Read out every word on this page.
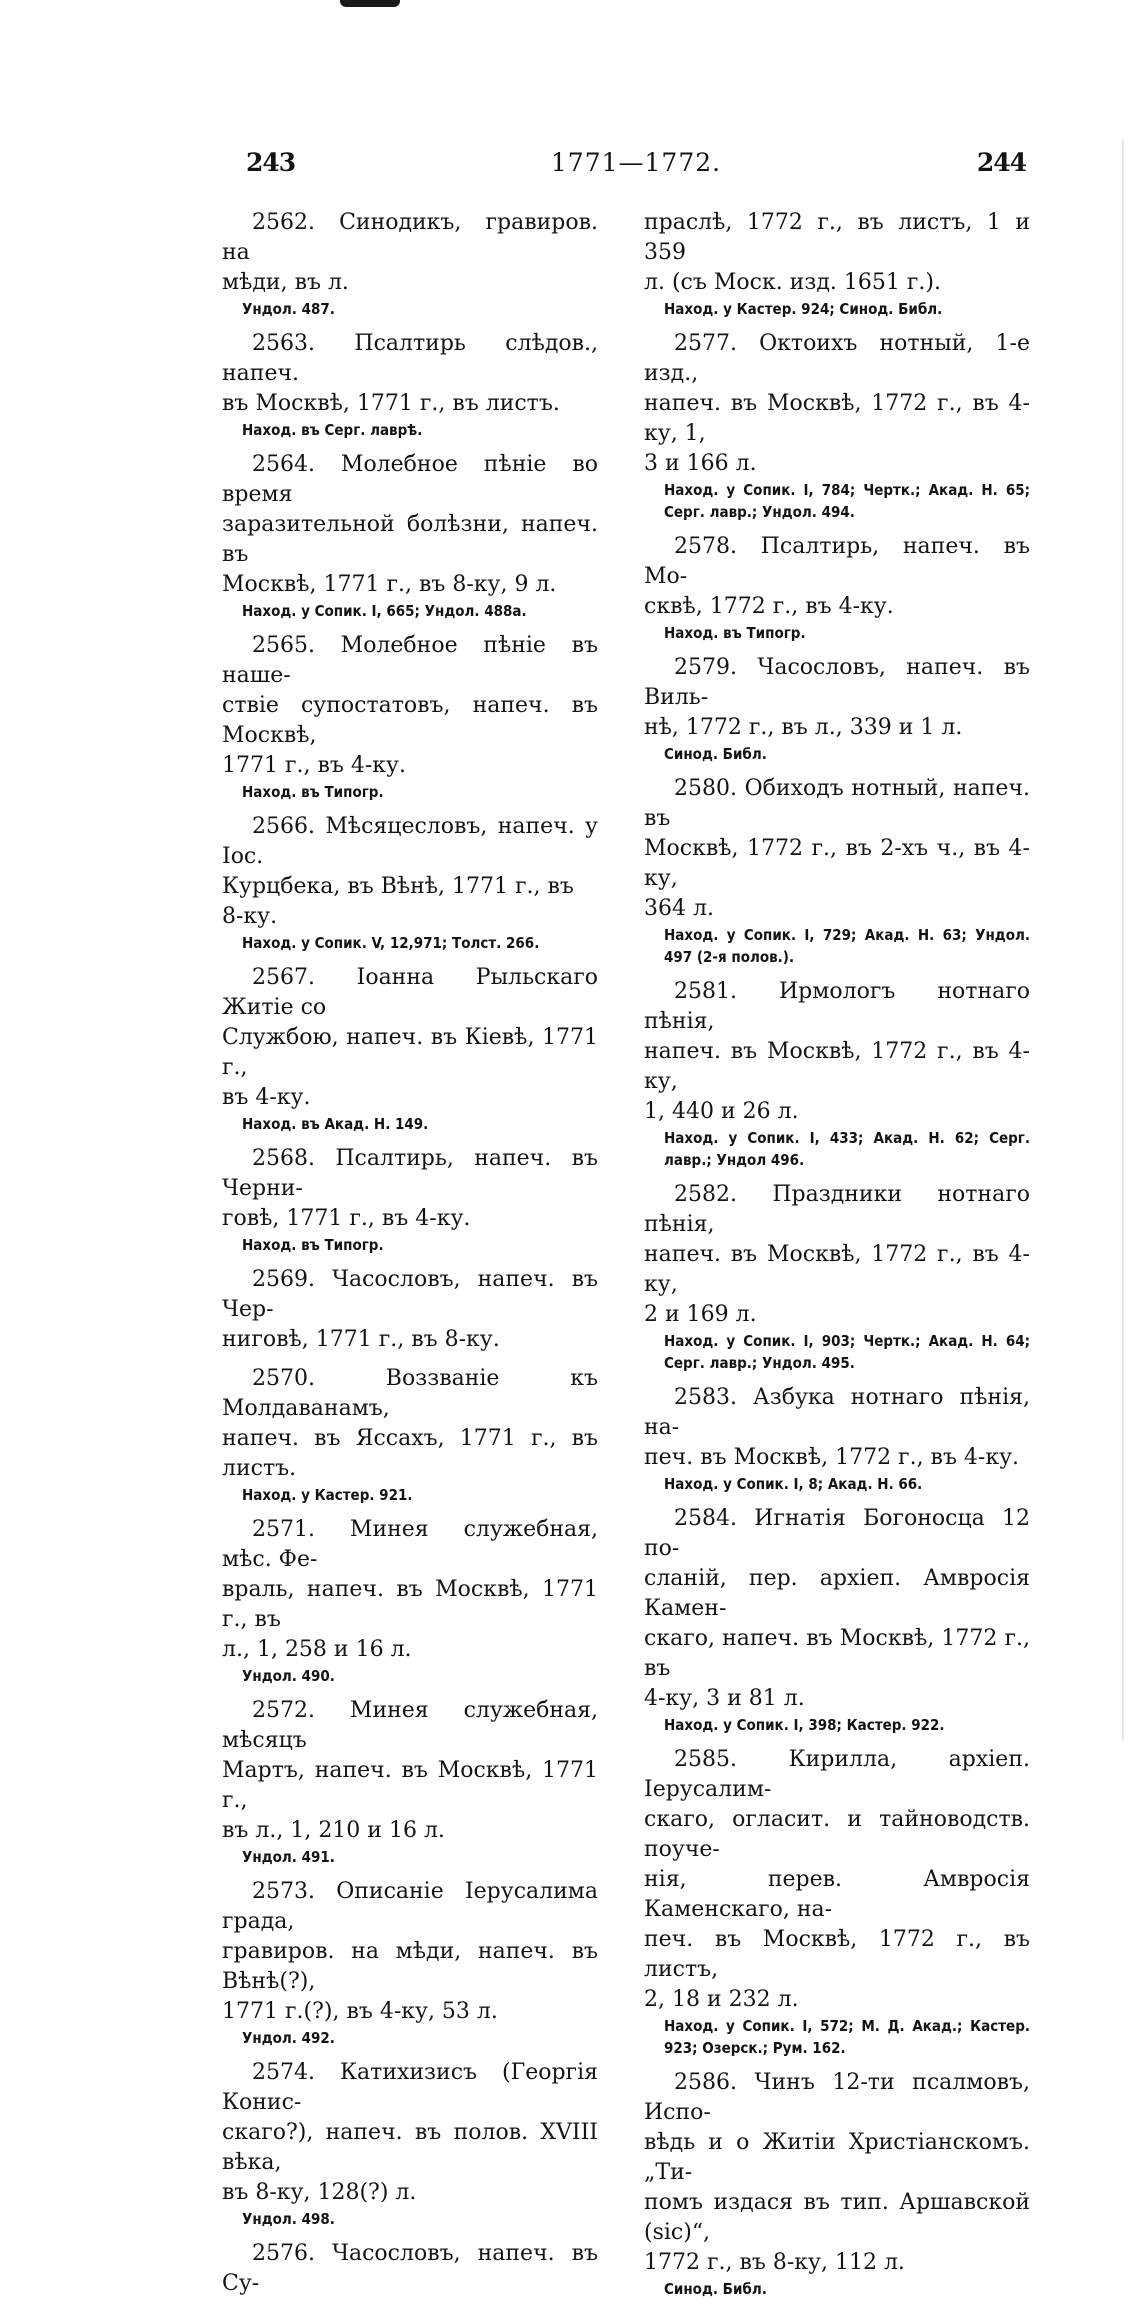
243	1771—1772.	244
2562. Синодикъ, гравиров. на
мѣди, въ л.
Ундол. 487.
2563. Псалтирь слѣдов., напеч.
въ Москвѣ, 1771 г., въ листъ.
Наход. въ Серг. лаврѣ.
2564. Молебное пѣніе во время
заразительной болѣзни, напеч. въ
Москвѣ, 1771 г., въ 8-ку, 9 л.
Наход. у Сопик. I, 665; Ундол. 488а.
2565. Молебное пѣніе въ наше-
ствіе супостатовъ, напеч. въ Москвѣ,
1771 г., въ 4-ку.
Наход. въ Типогр.
2566. Мѣсяцесловъ, напеч. у Іос.
Курцбека, въ Вѣнѣ, 1771 г., въ
8-ку.
Наход. у Сопик. V, 12,971; Толст. 266.
2567. Іоанна Рыльскаго Житіе со
Службою, напеч. въ Кіевѣ, 1771 г.,
въ 4-ку.
Наход. въ Акад. Н. 149.
2568. Псалтирь, напеч. въ Черни-
говѣ, 1771 г., въ 4-ку.
Наход. въ Типогр.
2569. Часословъ, напеч. въ Чер-
ниговѣ, 1771 г., въ 8-ку.
2570. Воззваніе къ Молдаванамъ,
напеч. въ Яссахъ, 1771 г., въ листъ.
Наход. у Кастер. 921.
2571. Минея служебная, мѣс. Фе-
враль, напеч. въ Москвѣ, 1771 г., въ
л., 1, 258 и 16 л.
Ундол. 490.
2572. Минея служебная, мѣсяцъ
Мартъ, напеч. въ Москвѣ, 1771 г.,
въ л., 1, 210 и 16 л.
Ундол. 491.
2573. Описаніе Іерусалима града,
гравиров. на мѣди, напеч. въ Вѣнѣ(?),
1771 г.(?), въ 4-ку, 53 л.
Ундол. 492.
2574. Катихизисъ (Георгія Конис-
скаго?), напеч. въ полов. XVIII вѣка,
въ 8-ку, 128(?) л.
Ундол. 498.
2576. Часословъ, напеч. въ Су-
праслѣ, 1772 г., въ листъ, 1 и 359
л. (съ Моск. изд. 1651 г.).
Наход. у Кастер. 924; Синод. Библ.
2577. Октоихъ нотный, 1-е изд.,
напеч. въ Москвѣ, 1772 г., въ 4-ку, 1,
3 и 166 л.
Наход. у Сопик. I, 784; Чертк.; Акад. Н. 65; Серг. лавр.; Ундол. 494.
2578. Псалтирь, напеч. въ Мо-
сквѣ, 1772 г., въ 4-ку.
Наход. въ Типогр.
2579. Часословъ, напеч. въ Виль-
нѣ, 1772 г., въ л., 339 и 1 л.
Синод. Библ.
2580. Обиходъ нотный, напеч. въ
Москвѣ, 1772 г., въ 2-хъ ч., въ 4-ку,
364 л.
Наход. у Сопик. I, 729; Акад. Н. 63; Ундол. 497 (2-я полов.).
2581. Ирмологъ нотнаго пѣнія,
напеч. въ Москвѣ, 1772 г., въ 4-ку,
1, 440 и 26 л.
Наход. у Сопик. I, 433; Акад. Н. 62; Серг. лавр.; Ундол 496.
2582. Праздники нотнаго пѣнія,
напеч. въ Москвѣ, 1772 г., въ 4-ку,
2 и 169 л.
Наход. у Сопик. I, 903; Чертк.; Акад. Н. 64; Серг. лавр.; Ундол. 495.
2583. Азбука нотнаго пѣнія, на-
печ. въ Москвѣ, 1772 г., въ 4-ку.
Наход. у Сопик. I, 8; Акад. Н. 66.
2584. Игнатія Богоносца 12 по-
сланій, пер. архіеп. Амвросія Камен-
скаго, напеч. въ Москвѣ, 1772 г., въ
4-ку, 3 и 81 л.
Наход. у Сопик. I, 398; Кастер. 922.
2585. Кирилла, архіеп. Іерусалим-
скаго, огласит. и тайноводств. поуче-
нія, перев. Амвросія Каменскаго, на-
печ. въ Москвѣ, 1772 г., въ листъ,
2, 18 и 232 л.
Наход. у Сопик. I, 572; М. Д. Акад.; Кастер. 923; Озерск.; Рум. 162.
2586. Чинъ 12-ти псалмовъ, Испо-
вѣдь и о Житіи Христіанскомъ. „Ти-
помъ издася въ тип. Аршавской (sic)“,
1772 г., въ 8-ку, 112 л.
Синод. Библ.
